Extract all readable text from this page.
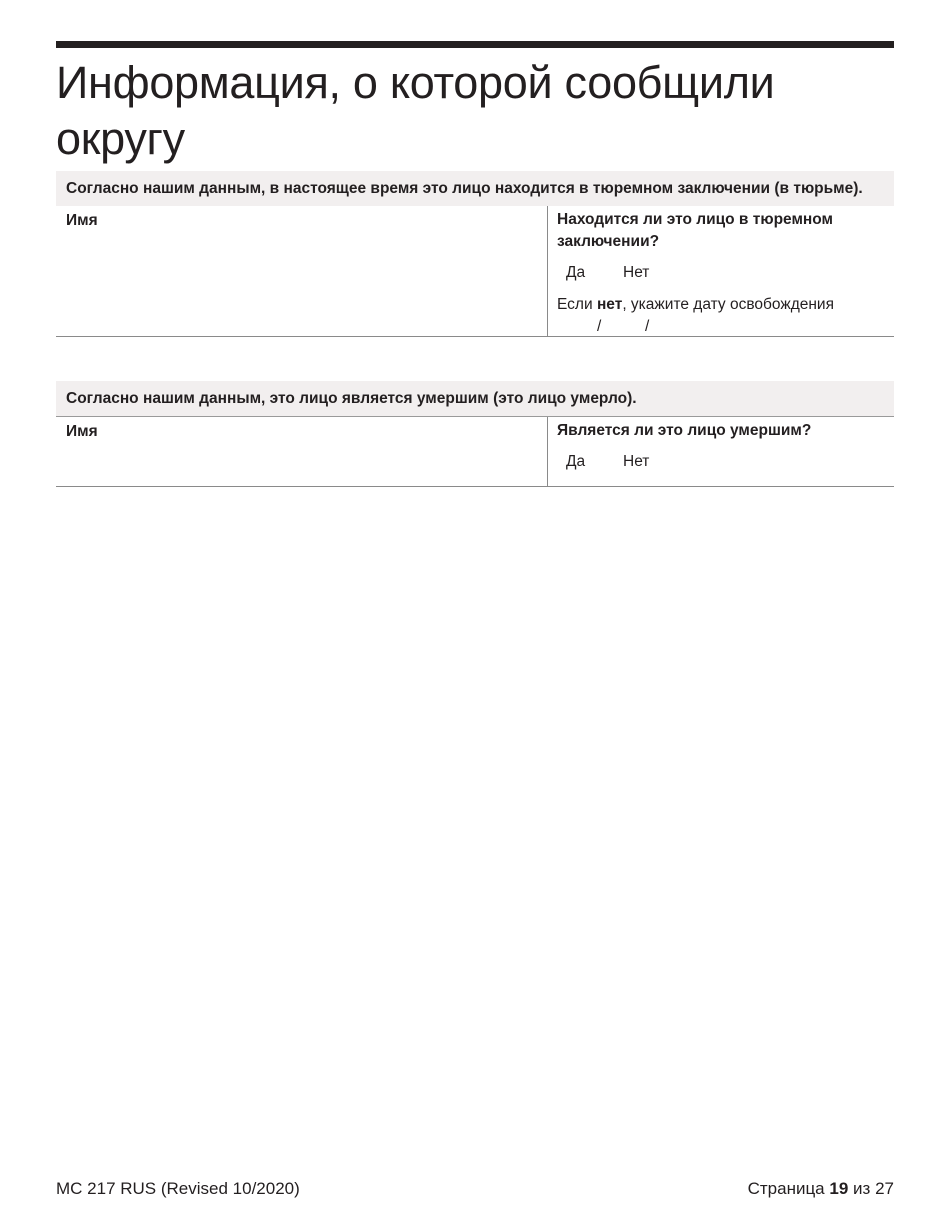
Информация, о которой сообщили округу
Согласно нашим данным, в настоящее время это лицо находится в тюремном заключении (в тюрьме).
Имя	Находится ли это лицо в тюремном заключении?
Да Нет
Если нет, укажите дату освобождения
/	/
Согласно нашим данным, это лицо является умершим (это лицо умерло).
Имя	Является ли это лицо умершим?
Да Нет
MC 217 RUS (Revised 10/2020)	Страница 19 из 27
